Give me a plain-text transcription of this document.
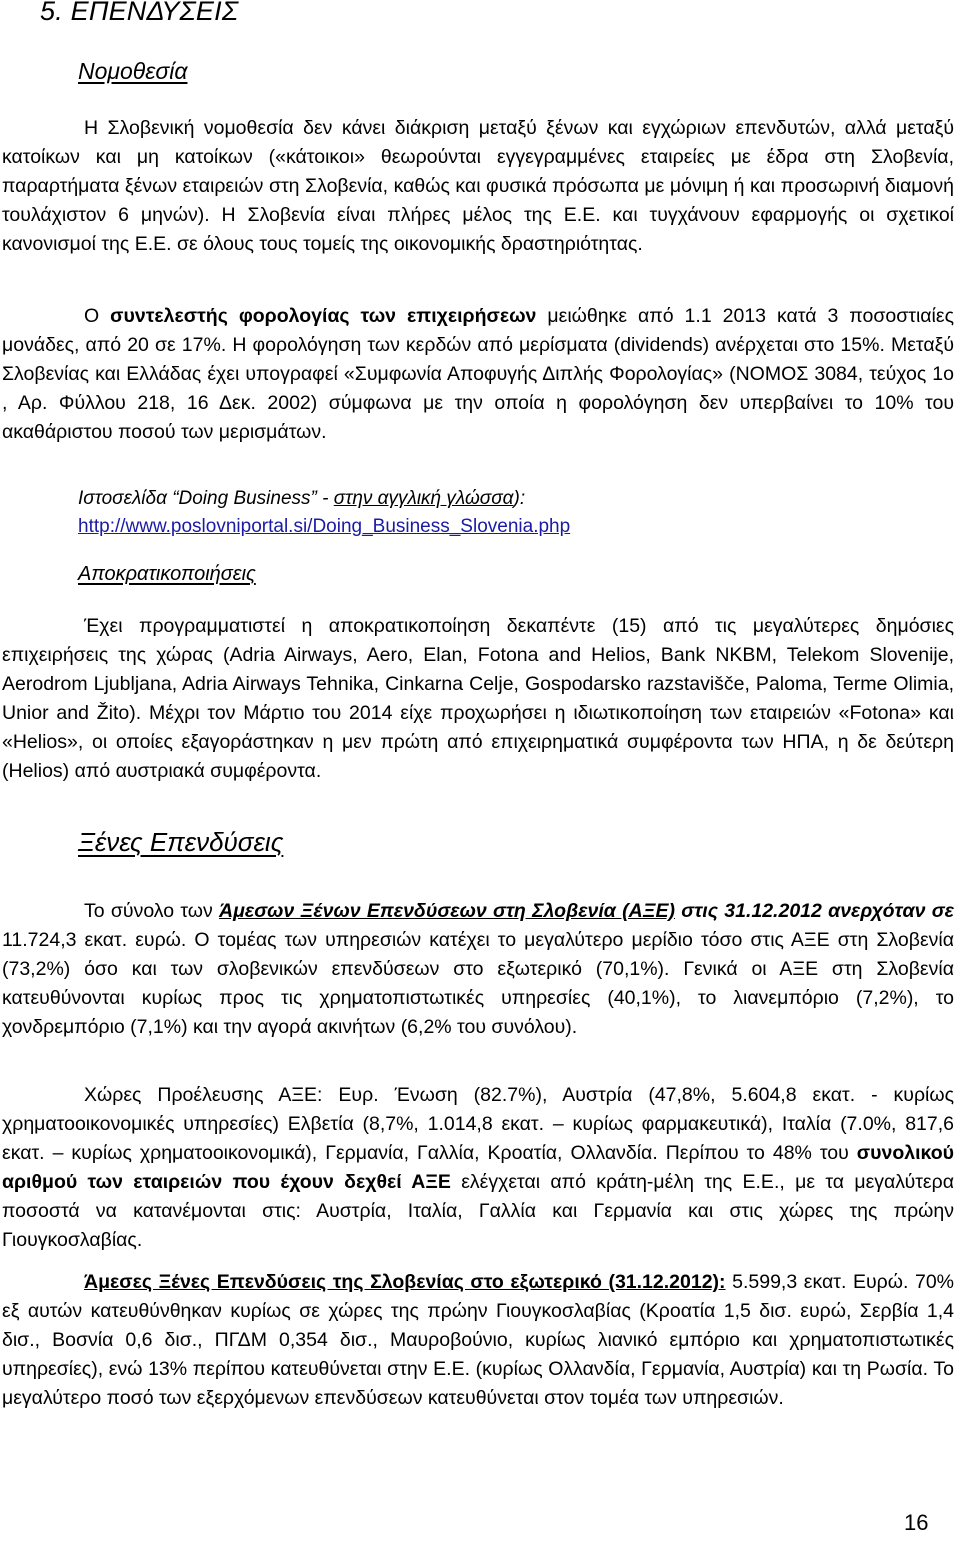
5. ΕΠΕΝΔΥΣΕΙΣ
Νομοθεσία

Η Σλοβενική νομοθεσία δεν κάνει διάκριση μεταξύ ξένων και εγχώριων επενδυτών, αλλά μεταξύ κατοίκων και μη κατοίκων («κάτοικοι» θεωρούνται εγγεγραμμένες εταιρείες με έδρα στη Σλοβενία, παραρτήματα ξένων εταιρειών στη Σλοβενία, καθώς και φυσικά πρόσωπα με μόνιμη ή και προσωρινή διαμονή τουλάχιστον 6 μηνών). Η Σλοβενία είναι πλήρες μέλος της Ε.Ε. και τυγχάνουν εφαρμογής οι σχετικοί κανονισμοί της Ε.Ε. σε όλους τους τομείς της οικονομικής δραστηριότητας.

Ο συντελεστής φορολογίας των επιχειρήσεων μειώθηκε από 1.1 2013 κατά 3 ποσοστιαίες μονάδες, από 20 σε 17%. Η φορολόγηση των κερδών από μερίσματα (dividends) ανέρχεται στο 15%. Μεταξύ Σλοβενίας και Ελλάδας έχει υπογραφεί «Συμφωνία Αποφυγής Διπλής Φορολογίας» (ΝΟΜΟΣ 3084, τεύχος 1ο , Αρ. Φύλλου 218, 16 Δεκ. 2002) σύμφωνα με την οποία η φορολόγηση δεν υπερβαίνει το 10% του ακαθάριστου ποσού των μερισμάτων.

Ιστοσελίδα “Doing Business” - στην αγγλική γλώσσα):
http://www.poslovniportal.si/Doing_Business_Slovenia.php

Αποκρατικοποιήσεις

Έχει προγραμματιστεί η αποκρατικοποίηση δεκαπέντε (15) από τις μεγαλύτερες δημόσιες επιχειρήσεις της χώρας (Adria Airways, Aero, Elan, Fotona and Helios, Bank NKBM, Telekom Slovenije, Aerodrom Ljubljana, Adria Airways Tehnika, Cinkarna Celje, Gospodarsko razstavišče, Paloma, Terme Olimia, Unior and Žito). Μέχρι τον Μάρτιο του 2014 είχε προχωρήσει η ιδιωτικοποίηση των εταιρειών «Fotona» και «Helios», οι οποίες εξαγοράστηκαν η μεν πρώτη από επιχειρηματικά συμφέροντα των ΗΠΑ, η δε δεύτερη (Helios) από αυστριακά συμφέροντα.

Ξένες Επενδύσεις

Το σύνολο των Άμεσων Ξένων Επενδύσεων στη Σλοβενία (ΑΞΕ) στις 31.12.2012 ανερχόταν σε 11.724,3 εκατ. ευρώ. Ο τομέας των υπηρεσιών κατέχει το μεγαλύτερο μερίδιο τόσο στις ΑΞΕ στη Σλοβενία (73,2%) όσο και των σλοβενικών επενδύσεων στο εξωτερικό (70,1%). Γενικά οι ΑΞΕ στη Σλοβενία κατευθύνονται κυρίως προς τις χρηματοπιστωτικές υπηρεσίες (40,1%), το λιανεμπόριο (7,2%), το χονδρεμπόριο (7,1%) και την αγορά ακινήτων (6,2% του συνόλου).

Χώρες Προέλευσης ΑΞΕ: Ευρ. Ένωση (82.7%), Αυστρία (47,8%, 5.604,8 εκατ. - κυρίως χρηματοοικονομικές υπηρεσίες) Ελβετία (8,7%, 1.014,8 εκατ. – κυρίως φαρμακευτικά), Ιταλία (7.0%, 817,6 εκατ. – κυρίως χρηματοοικονομικά), Γερμανία, Γαλλία, Κροατία, Ολλανδία. Περίπου το 48% του συνολικού αριθμού των εταιρειών που έχουν δεχθεί ΑΞΕ ελέγχεται από κράτη-μέλη της Ε.Ε., με τα μεγαλύτερα ποσοστά να κατανέμονται στις: Αυστρία, Ιταλία, Γαλλία και Γερμανία και στις χώρες της πρώην Γιουγκοσλαβίας.

Άμεσες Ξένες Επενδύσεις της Σλοβενίας στο εξωτερικό (31.12.2012): 5.599,3 εκατ. Ευρώ. 70% εξ αυτών κατευθύνθηκαν κυρίως σε χώρες της πρώην Γιουγκοσλαβίας (Κροατία 1,5 δισ. ευρώ, Σερβία 1,4 δισ., Βοσνία 0,6 δισ., ΠΓΔΜ 0,354 δισ., Μαυροβούνιο, κυρίως λιανικό εμπόριο και χρηματοπιστωτικές υπηρεσίες), ενώ 13% περίπου κατευθύνεται στην Ε.Ε. (κυρίως Ολλανδία, Γερμανία, Αυστρία) και τη Ρωσία. Το μεγαλύτερο ποσό των εξερχόμενων επενδύσεων κατευθύνεται στον τομέα των υπηρεσιών.

16
